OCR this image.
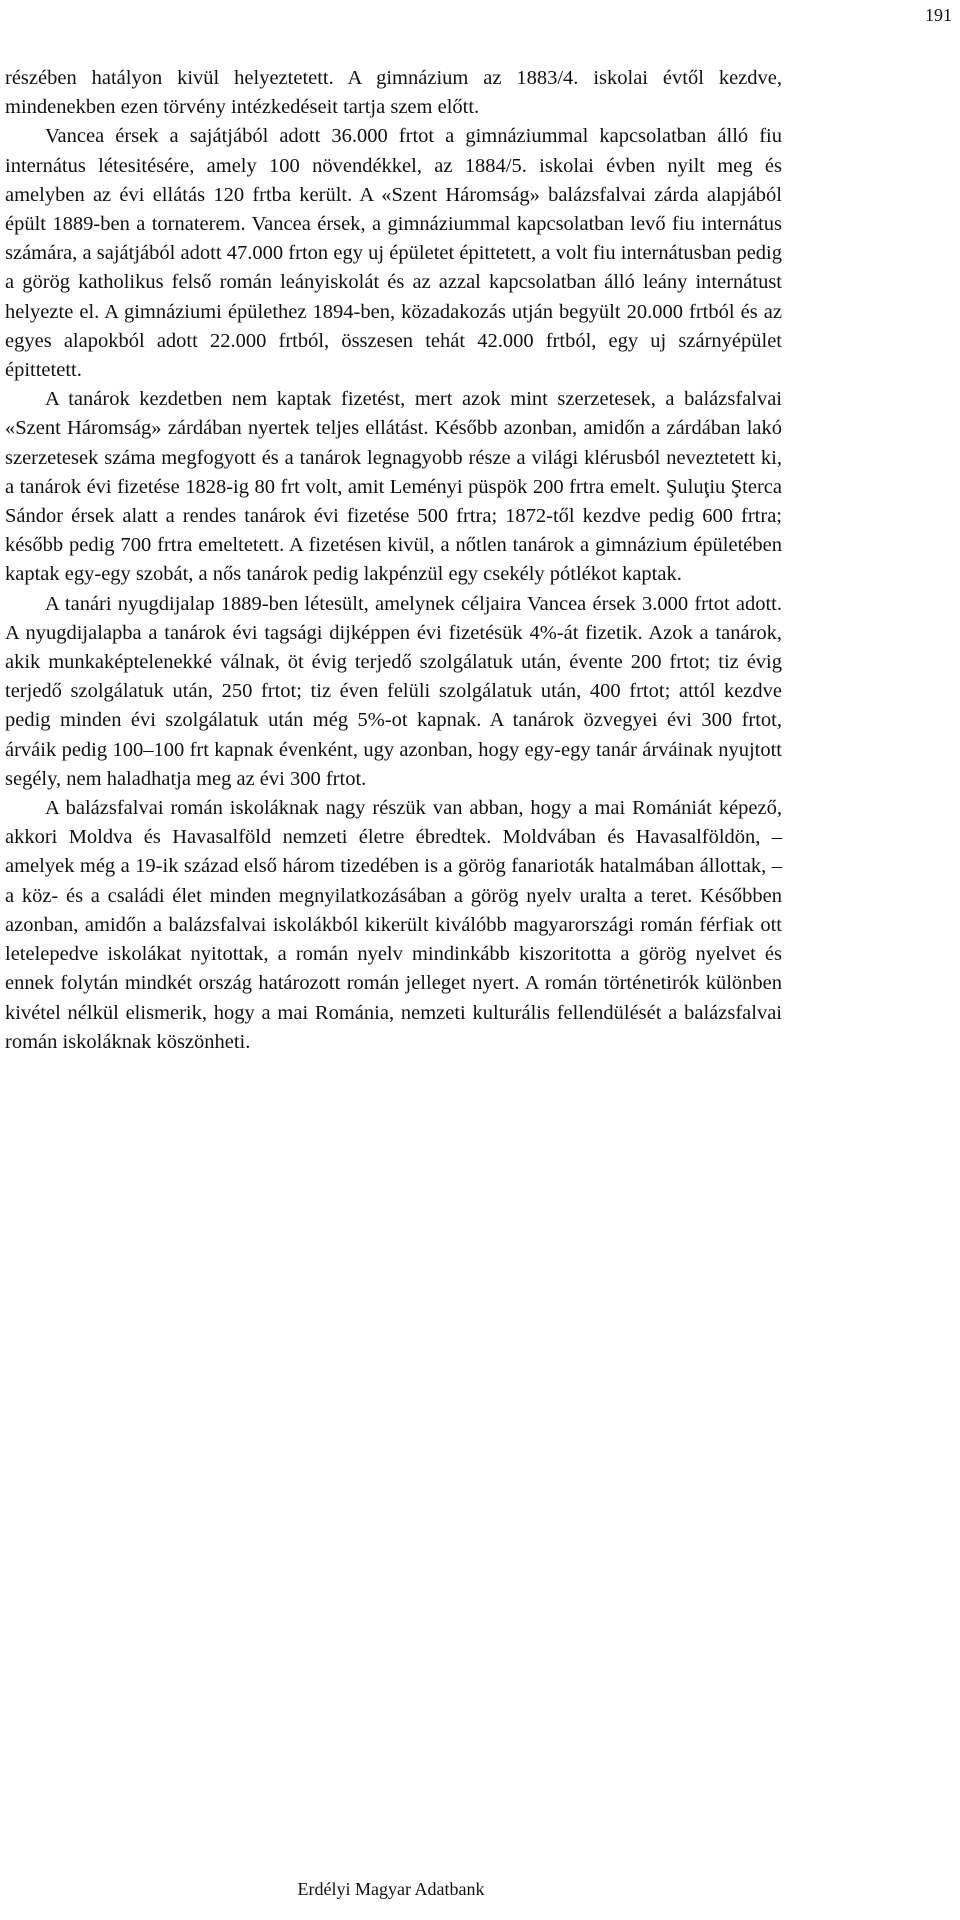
191

részében hatályon kivül helyeztetett. A gimnázium az 1883/4. iskolai évtől kezdve, mindenekben ezen törvény intézkedéseit tartja szem előtt.

Vancea érsek a sajátjából adott 36.000 frtot a gimnáziummal kapcsolatban álló fiu internátus létesitésére, amely 100 növendékkel, az 1884/5. iskolai évben nyilt meg és amelyben az évi ellátás 120 frtba került. A «Szent Háromság» balázsfalvai zárda alapjából épült 1889-ben a tornaterem. Vancea érsek, a gimnáziummal kapcsolatban levő fiu internátus számára, a sajátjából adott 47.000 frton egy uj épületet épittetett, a volt fiu internátusban pedig a görög katholikus felső román leányiskolát és az azzal kapcsolatban álló leány internátust helyezte el. A gimnáziumi épülethez 1894-ben, közadakozás utján begyült 20.000 frtból és az egyes alapokból adott 22.000 frtból, összesen tehát 42.000 frtból, egy uj szárnyépület épittetett.

A tanárok kezdetben nem kaptak fizetést, mert azok mint szerzetesek, a balázsfalvai «Szent Háromság» zárdában nyertek teljes ellátást. Később azonban, amidőn a zárdában lakó szerzetesek száma megfogyott és a tanárok legnagyobb része a világi klérusból neveztetett ki, a tanárok évi fizetése 1828-ig 80 frt volt, amit Leményi püspök 200 frtra emelt. Şuluţiu Şterca Sándor érsek alatt a rendes tanárok évi fizetése 500 frtra; 1872-től kezdve pedig 600 frtra; később pedig 700 frtra emeltetett. A fizetésen kivül, a nőtlen tanárok a gimnázium épületében kaptak egy-egy szobát, a nős tanárok pedig lakpénzül egy csekély pótlékot kaptak.

A tanári nyugdijalap 1889-ben létesült, amelynek céljaira Vancea érsek 3.000 frtot adott. A nyugdijalapba a tanárok évi tagsági dijképpen évi fizetésük 4%-át fizetik. Azok a tanárok, akik munkaképtelenekké válnak, öt évig terjedő szolgálatuk után, évente 200 frtot; tiz évig terjedő szolgálatuk után, 250 frtot; tiz éven felüli szolgálatuk után, 400 frtot; attól kezdve pedig minden évi szolgálatuk után még 5%-ot kapnak. A tanárok özvegyei évi 300 frtot, árváik pedig 100–100 frt kapnak évenként, ugy azonban, hogy egy-egy tanár árváinak nyujtott segély, nem haladhatja meg az évi 300 frtot.

A balázsfalvai román iskoláknak nagy részük van abban, hogy a mai Romániát képező, akkori Moldva és Havasalföld nemzeti életre ébredtek. Moldvában és Havasalföldön, – amelyek még a 19-ik század első három tizedében is a görög fanarioták hatalmában állottak, – a köz- és a családi élet minden megnyilatkozásában a görög nyelv uralta a teret. Későbben azonban, amidőn a balázsfalvai iskolákból kikerült kiválóbb magyarországi román férfiak ott letelepedve iskolákat nyitottak, a román nyelv mindinkább kiszoritotta a görög nyelvet és ennek folytán mindkét ország határozott román jelleget nyert. A román történetirók különben kivétel nélkül elismerik, hogy a mai Románia, nemzeti kulturális fellendülését a balázsfalvai román iskoláknak köszönheti.

Erdélyi Magyar Adatbank
